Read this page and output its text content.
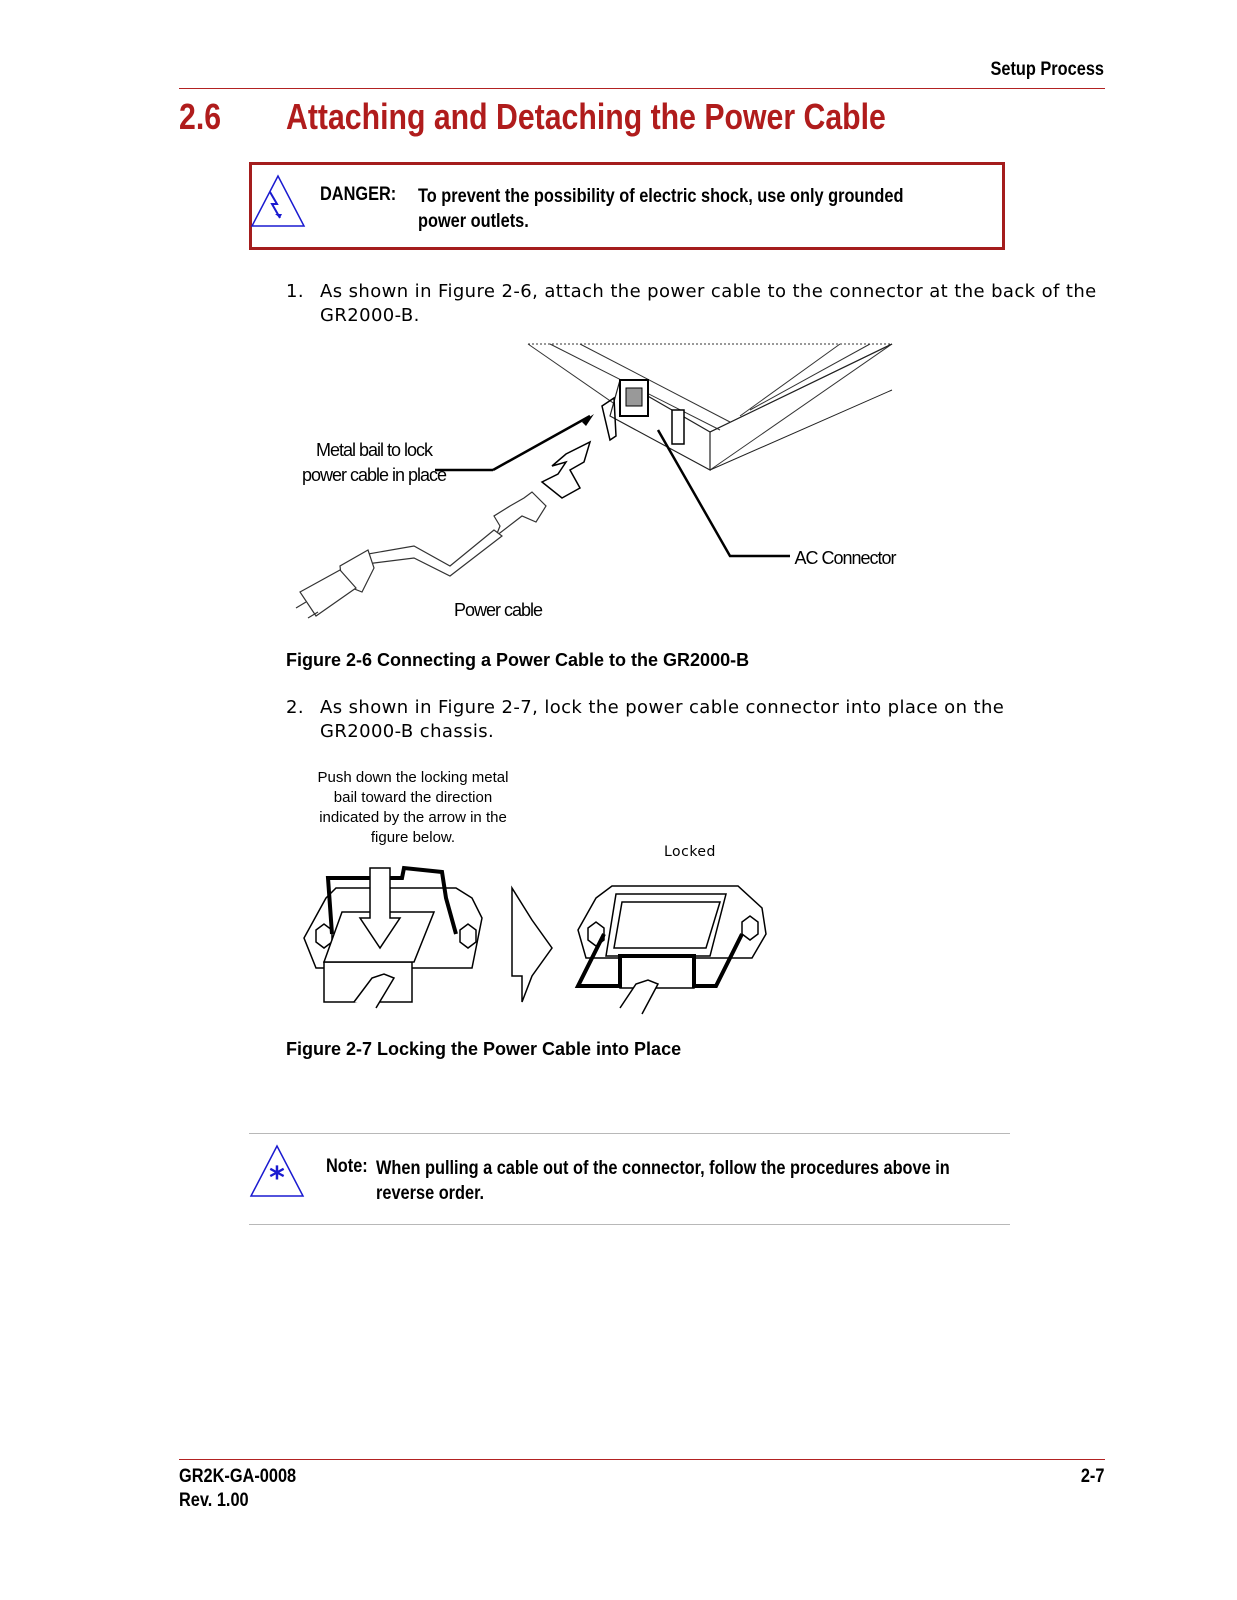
Setup Process
2.6 Attaching and Detaching the Power Cable
DANGER: To prevent the possibility of electric shock, use only grounded power outlets.
1. As shown in Figure 2-6, attach the power cable to the connector at the back of the GR2000-B.
Metal bail to lock power cable in place
AC Connector
Power cable
Figure 2-6 Connecting a Power Cable to the GR2000-B
2. As shown in Figure 2-7, lock the power cable connector into place on the GR2000-B chassis.
Push down the locking metal bail toward the direction indicated by the arrow in the figure below.
Locked
Figure 2-7 Locking the Power Cable into Place
* Note: When pulling a cable out of the connector, follow the procedures above in reverse order.
GR2K-GA-0008
Rev. 1.00
2-7
